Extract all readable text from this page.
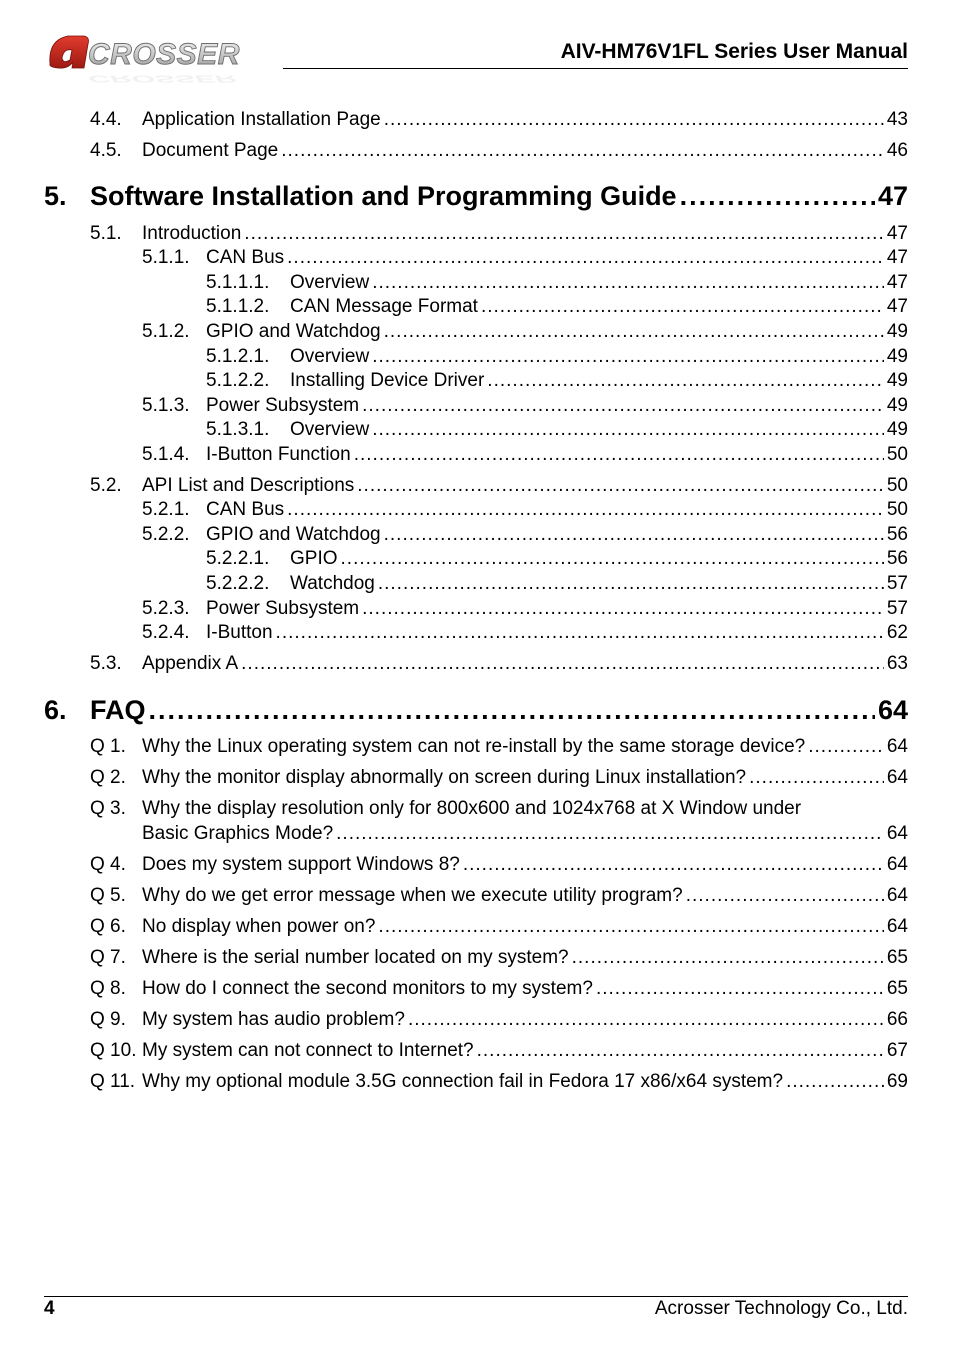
CROSSER
CROSSER
AIV-HM76V1FL Series User Manual
4.4.	Application Installation Page .....	43
4.5.	Document Page .....	46
5. Software Installation and Programming Guide .....	47
5.1.	Introduction .....	47
5.1.1. CAN Bus .....	47
5.1.1.1.	Overview .....	47
5.1.1.2.	CAN Message Format .....	47
5.1.2. GPIO and Watchdog .....	49
5.1.2.1.	Overview .....	49
5.1.2.2.	Installing Device Driver .....	49
5.1.3. Power Subsystem .....	49
5.1.3.1.	Overview .....	49
5.1.4. I-Button Function .....	50
5.2.	API List and Descriptions .....	50
5.2.1. CAN Bus .....	50
5.2.2. GPIO and Watchdog .....	56
5.2.2.1.	GPIO .....	56
5.2.2.2.	Watchdog .....	57
5.2.3. Power Subsystem .....	57
5.2.4. I-Button .....	62
5.3.	Appendix A .....	63
6. FAQ .....	64
Q 1. Why the Linux operating system can not re-install by the same storage device? .....	64
Q 2. Why the monitor display abnormally on screen during Linux installation? .....	64
Q 3. Why the display resolution only for 800x600 and 1024x768 at X Window under
Basic Graphics Mode? .....	64
Q 4. Does my system support Windows 8? .....	64
Q 5. Why do we get error message when we execute utility program? .....	64
Q 6. No display when power on? .....	64
Q 7. Where is the serial number located on my system? .....	65
Q 8. How do I connect the second monitors to my system? .....	65
Q 9. My system has audio problem? .....	66
Q 10. My system can not connect to Internet? .....	67
Q 11. Why my optional module 3.5G connection fail in Fedora 17 x86/x64 system? .....	69
4	Acrosser Technology Co., Ltd.
